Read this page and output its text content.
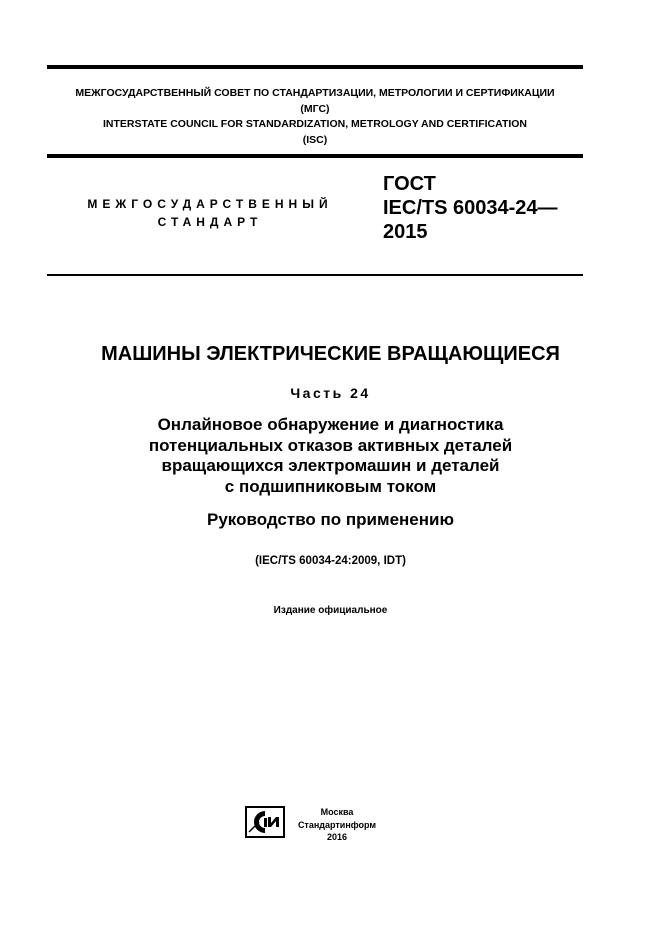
МЕЖГОСУДАРСТВЕННЫЙ СОВЕТ ПО СТАНДАРТИЗАЦИИ, МЕТРОЛОГИИ И СЕРТИФИКАЦИИ
(МГС)
INTERSTATE COUNCIL FOR STANDARDIZATION, METROLOGY AND CERTIFICATION
(ISC)
МЕЖГОСУДАРСТВЕННЫЙ
СТАНДАРТ
ГОСТ
IEC/TS 60034-24—
2015
МАШИНЫ ЭЛЕКТРИЧЕСКИЕ ВРАЩАЮЩИЕСЯ
Часть 24
Онлайновое обнаружение и диагностика
потенциальных отказов активных деталей
вращающихся электромашин и деталей
с подшипниковым током
Руководство по применению
(IEC/TS 60034-24:2009, IDT)
Издание официальное
Москва
Стандартинформ
2016
